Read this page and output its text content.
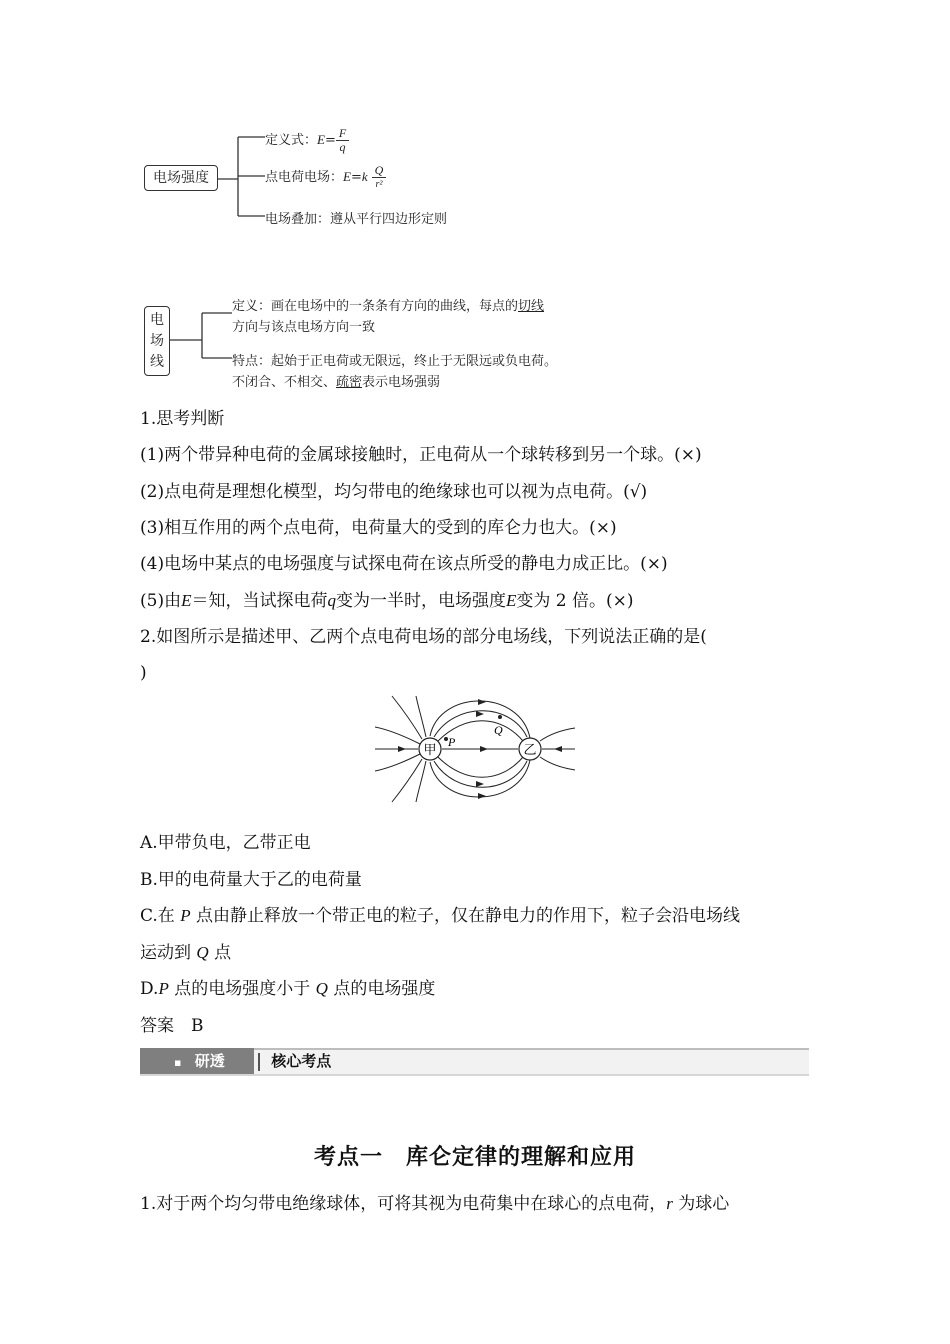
电场强度
定义式：$E= \frac{F}{q}$
点电荷电场：$E=k \frac{Q}{\text{r²}}$
电场叠加：遵从平行四边形定则
电
场
线
定义：画在电场中的一条条有方向的曲线，每点的切线
方向与该点电场方向一致
特点：起始于正电荷或无限远，终止于无限远或负电荷。
不闭合、不相交、疏密表示电场强弱
1.思考判断
(1)两个带异种电荷的金属球接触时，正电荷从一个球转移到另一个球。(×)
(2)点电荷是理想化模型，均匀带电的绝缘球也可以视为点电荷。(√)
(3)相互作用的两个点电荷，电荷量大的受到的库仑力也大。(×)
(4)电场中某点的电场强度与试探电荷在该点所受的静电力成正比。(×)
(5)由E＝知，当试探电荷q变为一半时，电场强度E变为 2 倍。(×)
2.如图所示是描述甲、乙两个点电荷电场的部分电场线，下列说法正确的是(
)
甲	乙
P
Q
A.甲带负电，乙带正电
B.甲的电荷量大于乙的电荷量
C.在 P 点由静止释放一个带正电的粒子，仅在静电力的作用下，粒子会沿电场线
运动到 Q 点
D.P 点的电场强度小于 Q 点的电场强度
答案　 B
▪ 研透	核心考点
考点一　库仑定律的理解和应用
1.对于两个均匀带电绝缘球体，可将其视为电荷集中在球心的点电荷，r 为球心
